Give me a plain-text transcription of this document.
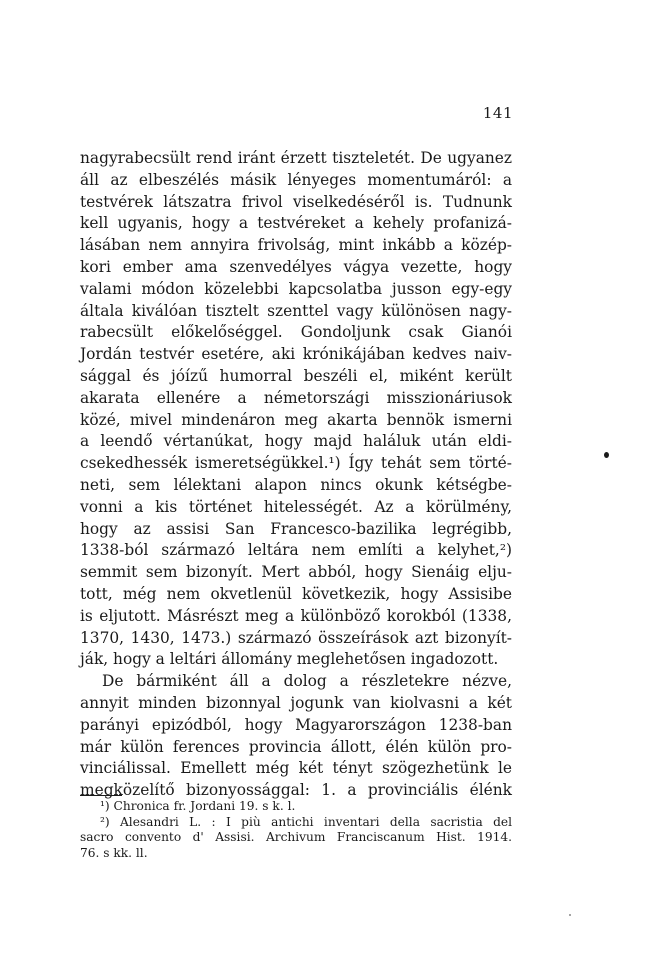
141
nagyrabecsült rend iránt érzett tiszteletét. De ugyanez
áll az elbeszélés másik lényeges momentumáról: a
testvérek látszatra frivol viselkedéséről is. Tudnunk
kell ugyanis, hogy a testvéreket a kehely profanizá-
lásában nem annyira frivolság, mint inkább a közép-
kori ember ama szenvedélyes vágya vezette, hogy
valami módon közelebbi kapcsolatba jusson egy-egy
általa kiválóan tisztelt szenttel vagy különösen nagy-
rabecsült előkelőséggel. Gondoljunk csak Gianói
Jordán testvér esetére, aki krónikájában kedves naiv-
sággal és jóízű humorral beszéli el, miként került
akarata ellenére a németországi misszionáriusok
közé, mivel mindenáron meg akarta bennök ismerni
a leendő vértanúkat, hogy majd haláluk után eldi-
csekedhessék ismeretségükkel.¹) Így tehát sem törté-
neti, sem lélektani alapon nincs okunk kétségbe-
vonni a kis történet hitelességét. Az a körülmény,
hogy az assisi San Francesco-bazilika legrégibb,
1338-ból származó leltára nem említi a kelyhet,²)
semmit sem bizonyít. Mert abból, hogy Sienáig elju-
tott, még nem okvetlenül következik, hogy Assisibe
is eljutott. Másrészt meg a különböző korokból (1338,
1370, 1430, 1473.) származó összeírások azt bizonyít-
ják, hogy a leltári állomány meglehetősen ingadozott.
De bármiként áll a dolog a részletekre nézve,
annyit minden bizonnyal jogunk van kiolvasni a két
parányi epizódból, hogy Magyarországon 1238-ban
már külön ferences provincia állott, élén külön pro-
vinciálissal. Emellett még két tényt szögezhetünk le
megközelítő bizonyossággal: 1. a provinciális élénk
¹) Chronica fr. Jordani 19. s k. l.
²) Alesandri L. : I più antichi inventari della sacristia del
sacro convento d' Assisi. Archivum Franciscanum Hist. 1914.
76. s kk. ll.
